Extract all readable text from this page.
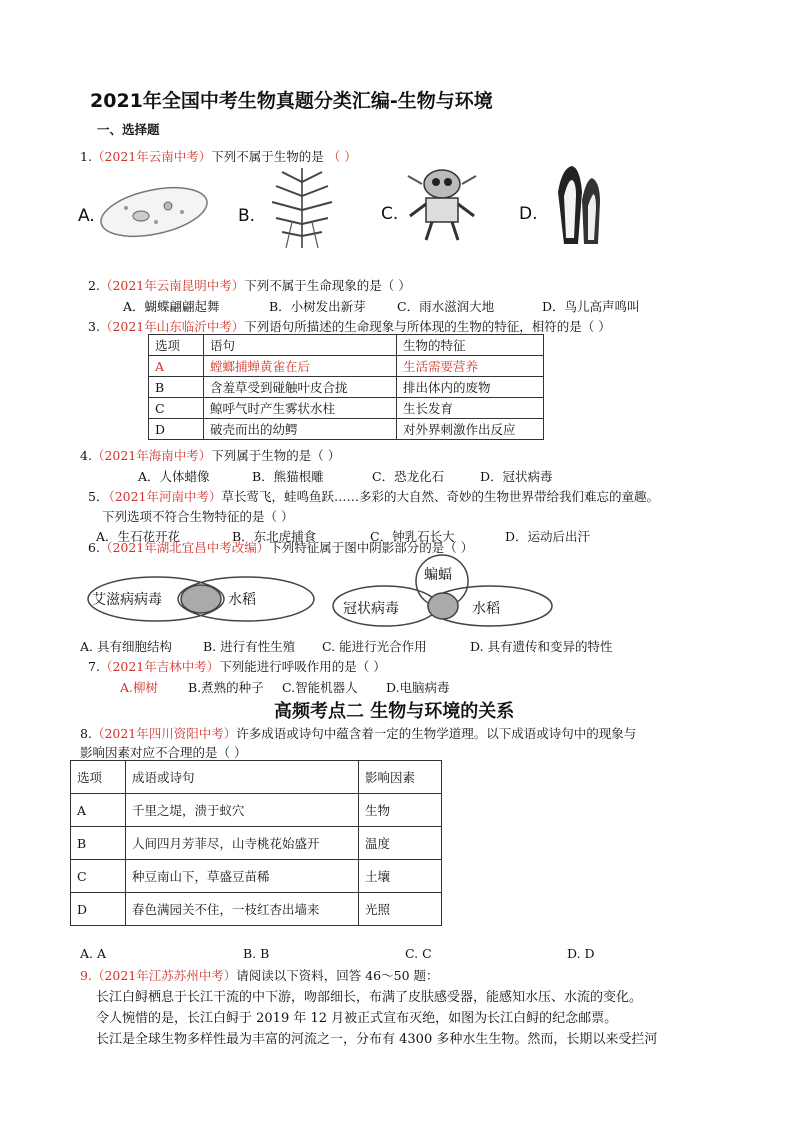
2021年全国中考生物真题分类汇编-生物与环境
一、选择题
1.（2021年云南中考）下列不属于生物的是 （ ）
A.	B.	C.	D.
2.（2021年云南昆明中考）下列不属于生命现象的是（ ）
A．蝴蝶翩翩起舞	B．小树发出新芽	C．雨水滋润大地	D．鸟儿高声鸣叫
3.（2021年山东临沂中考）下列语句所描述的生命现象与所体现的生物的特征，相符的是（ ）
选项	语句	生物的特征
A	螳螂捕蝉黄雀在后	生活需要营养
B	含羞草受到碰触叶皮合拢	排出体内的废物
C	鲸呼气时产生雾状水柱	生长发育
D	破壳而出的幼鳄	对外界刺激作出反应
4.（2021年海南中考）下列属于生物的是（ ）
A．人体蜡像	B．熊猫根雕	C．恐龙化石	D．冠状病毒
5．（2021年河南中考）草长莺飞，蛙鸣鱼跃……多彩的大自然、奇妙的生物世界带给我们难忘的童趣。
下列选项不符合生物特征的是（ ）
A．生石花开花	B．东北虎捕食	C．钟乳石长大	D．运动后出汗
6.（2021年湖北宜昌中考改编）下列特征属于图中阴影部分的是（ ）
艾滋病病毒	水稻
蝙蝠
冠状病毒	水稻
A. 具有细胞结构 B. 进行有性生殖 C. 能进行光合作用	D. 具有遗传和变异的特性
7.（2021年吉林中考）下列能进行呼吸作用的是（ ）
A.柳树 B.煮熟的种子 C.智能机器人 D.电脑病毒
高频考点二 生物与环境的关系
8.（2021年四川资阳中考）许多成语或诗句中蕴含着一定的生物学道理。以下成语或诗句中的现象与
影响因素对应不合理的是（ ）
选项	成语或诗句	影响因素
A	千里之堤，溃于蚁穴	生物
B	人间四月芳菲尽，山寺桃花始盛开	温度
C	种豆南山下，草盛豆苗稀	土壤
D	春色满园关不住，一枝红杏出墙来	光照
A. A	B. B	C. C	D. D
9.（2021年江苏苏州中考）请阅读以下资料，回答 46～50 题：
长江白鲟栖息于长江干流的中下游，吻部细长，布满了皮肤感受器，能感知水压、水流的变化。
令人惋惜的是，长江白鲟于 2019 年 12 月被正式宣布灭绝，如图为长江白鲟的纪念邮票。
长江是全球生物多样性最为丰富的河流之一，分布有 4300 多种水生生物。然而，长期以来受拦河
